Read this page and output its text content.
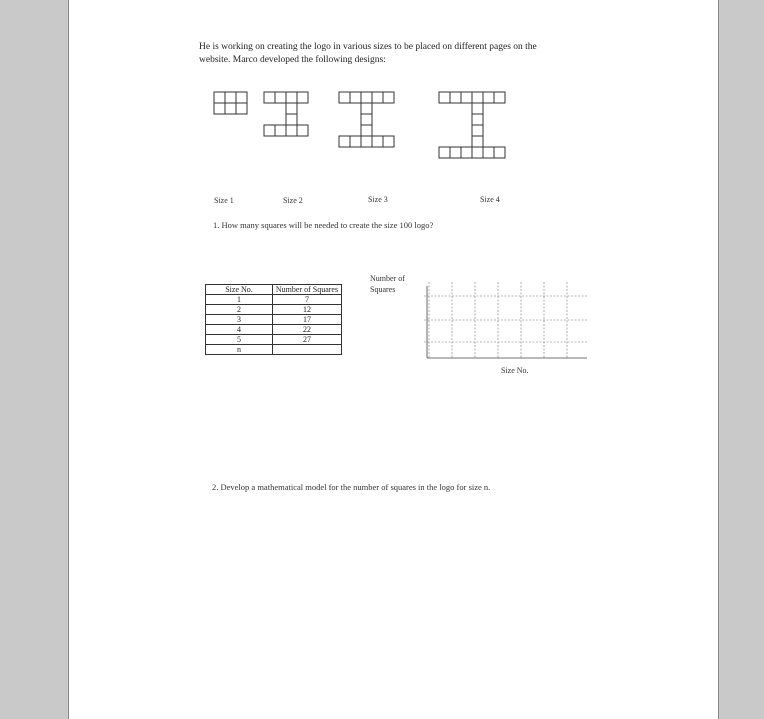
He is working on creating the logo in various sizes to be placed on different pages on the
website. Marco developed the following designs:
Size 1	Size 2	Size 3	Size 4
1. How many squares will be needed to create the size 100 logo?
Size No.	Number of Squares
1	7
2	12
3	17
4	22
5	27
n	
Number of
Squares
Size No.
2. Develop a mathematical model for the number of squares in the logo for size n.
